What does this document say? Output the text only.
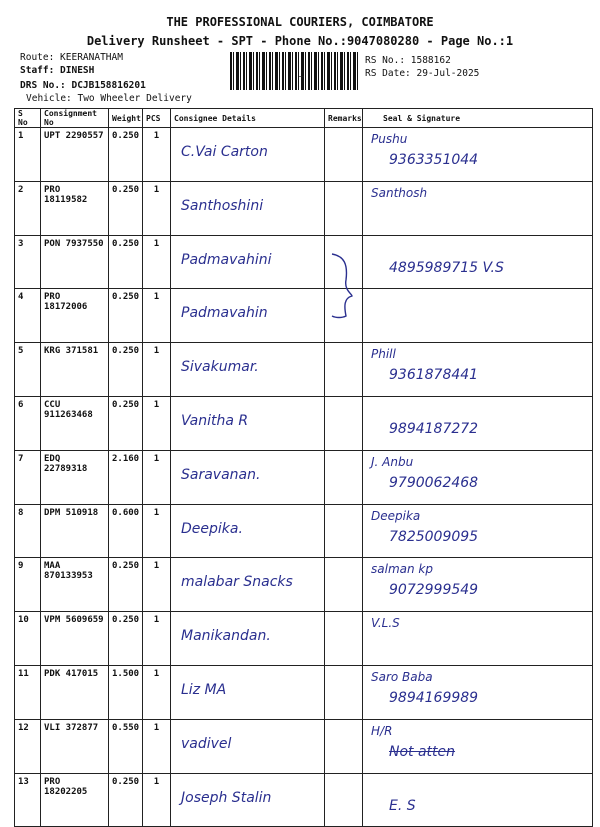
THE PROFESSIONAL COURIERS, COIMBATORE
Delivery Runsheet - SPT - Phone No.:9047080280 - Page No.:1
Route: KEERANATHAM
Staff: DINESH
DRS No.: DCJB158816201
Vehicle: Two Wheeler Delivery
~
RS No.: 1588162
RS Date: 29-Jul-2025
S No	Consignment No	Weight	PCS	Consignee Details	Remarks	Seal & Signature
1	UPT 2290557	0.250	1	C.Vai Carton		Pushu
9363351044

2	PRO 18119582	0.250	1	Santhoshini		Santhosh

3	PON 7937550	0.250	1	Padmavahini		4895989715 V.S

4	PRO 18172006	0.250	1	Padmavahin		

5	KRG 371581	0.250	1	Sivakumar.		Phill
9361878441

6	CCU 911263468	0.250	1	Vanitha R		9894187272

7	EDQ 22789318	2.160	1	Saravanan.		J. Anbu
9790062468

8	DPM 510918	0.600	1	Deepika.		Deepika
7825009095

9	MAA 870133953	0.250	1	malabar Snacks		salman kp
9072999549

10	VPM 5609659	0.250	1	Manikandan.		V.L.S

11	PDK 417015	1.500	1	Liz MA		Saro Baba
9894169989

12	VLI 372877	0.550	1	vadivel		H/R
Not atten

13	PRO 18202205	0.250	1	Joseph Stalin		E. S
